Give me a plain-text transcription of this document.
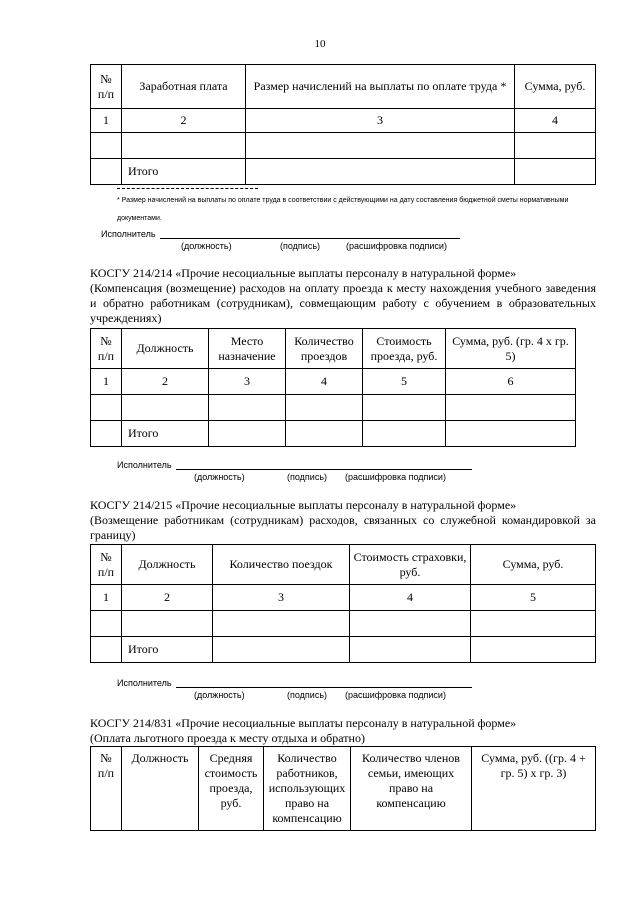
10
№ п/п	Заработная плата	Размер начислений на выплаты по оплате труда *	Сумма, руб.
1	2	3	4

	Итого		
* Размер начислений на выплаты по оплате труда в соответствии с действующими на дату составления бюджетной сметы нормативными документами.
Исполнитель
(должность)	(подпись)	(расшифровка подписи)
КОСГУ 214/214 «Прочие несоциальные выплаты персоналу в натуральной форме»
(Компенсация (возмещение) расходов на оплату проезда к месту нахождения учебного заведения и обратно работникам (сотрудникам), совмещающим работу с обучением в образовательных учреждениях)
№ п/п	Должность	Место назначение	Количество проездов	Стоимость проезда, руб.	Сумма, руб. (гр. 4 х гр. 5)
1	2	3	4	5	6

	Итого				
Исполнитель
(должность)	(подпись) (расшифровка подписи)
КОСГУ 214/215 «Прочие несоциальные выплаты персоналу в натуральной форме»
(Возмещение работникам (сотрудникам) расходов, связанных со служебной командировкой за границу)
№ п/п	Должность	Количество поездок	Стоимость страховки, руб.	Сумма, руб.
1	2	3	4	5

	Итого			
Исполнитель
(должность)	(подпись) (расшифровка подписи)
КОСГУ 214/831 «Прочие несоциальные выплаты персоналу в натуральной форме»
(Оплата льготного проезда к месту отдыха и обратно)
№ п/п	Должность	Средняя стоимость проезда, руб.	Количество работников, использующих право на компенсацию	Количество членов семьи, имеющих право на компенсацию	Сумма, руб. ((гр. 4 + гр. 5) х гр. 3)
